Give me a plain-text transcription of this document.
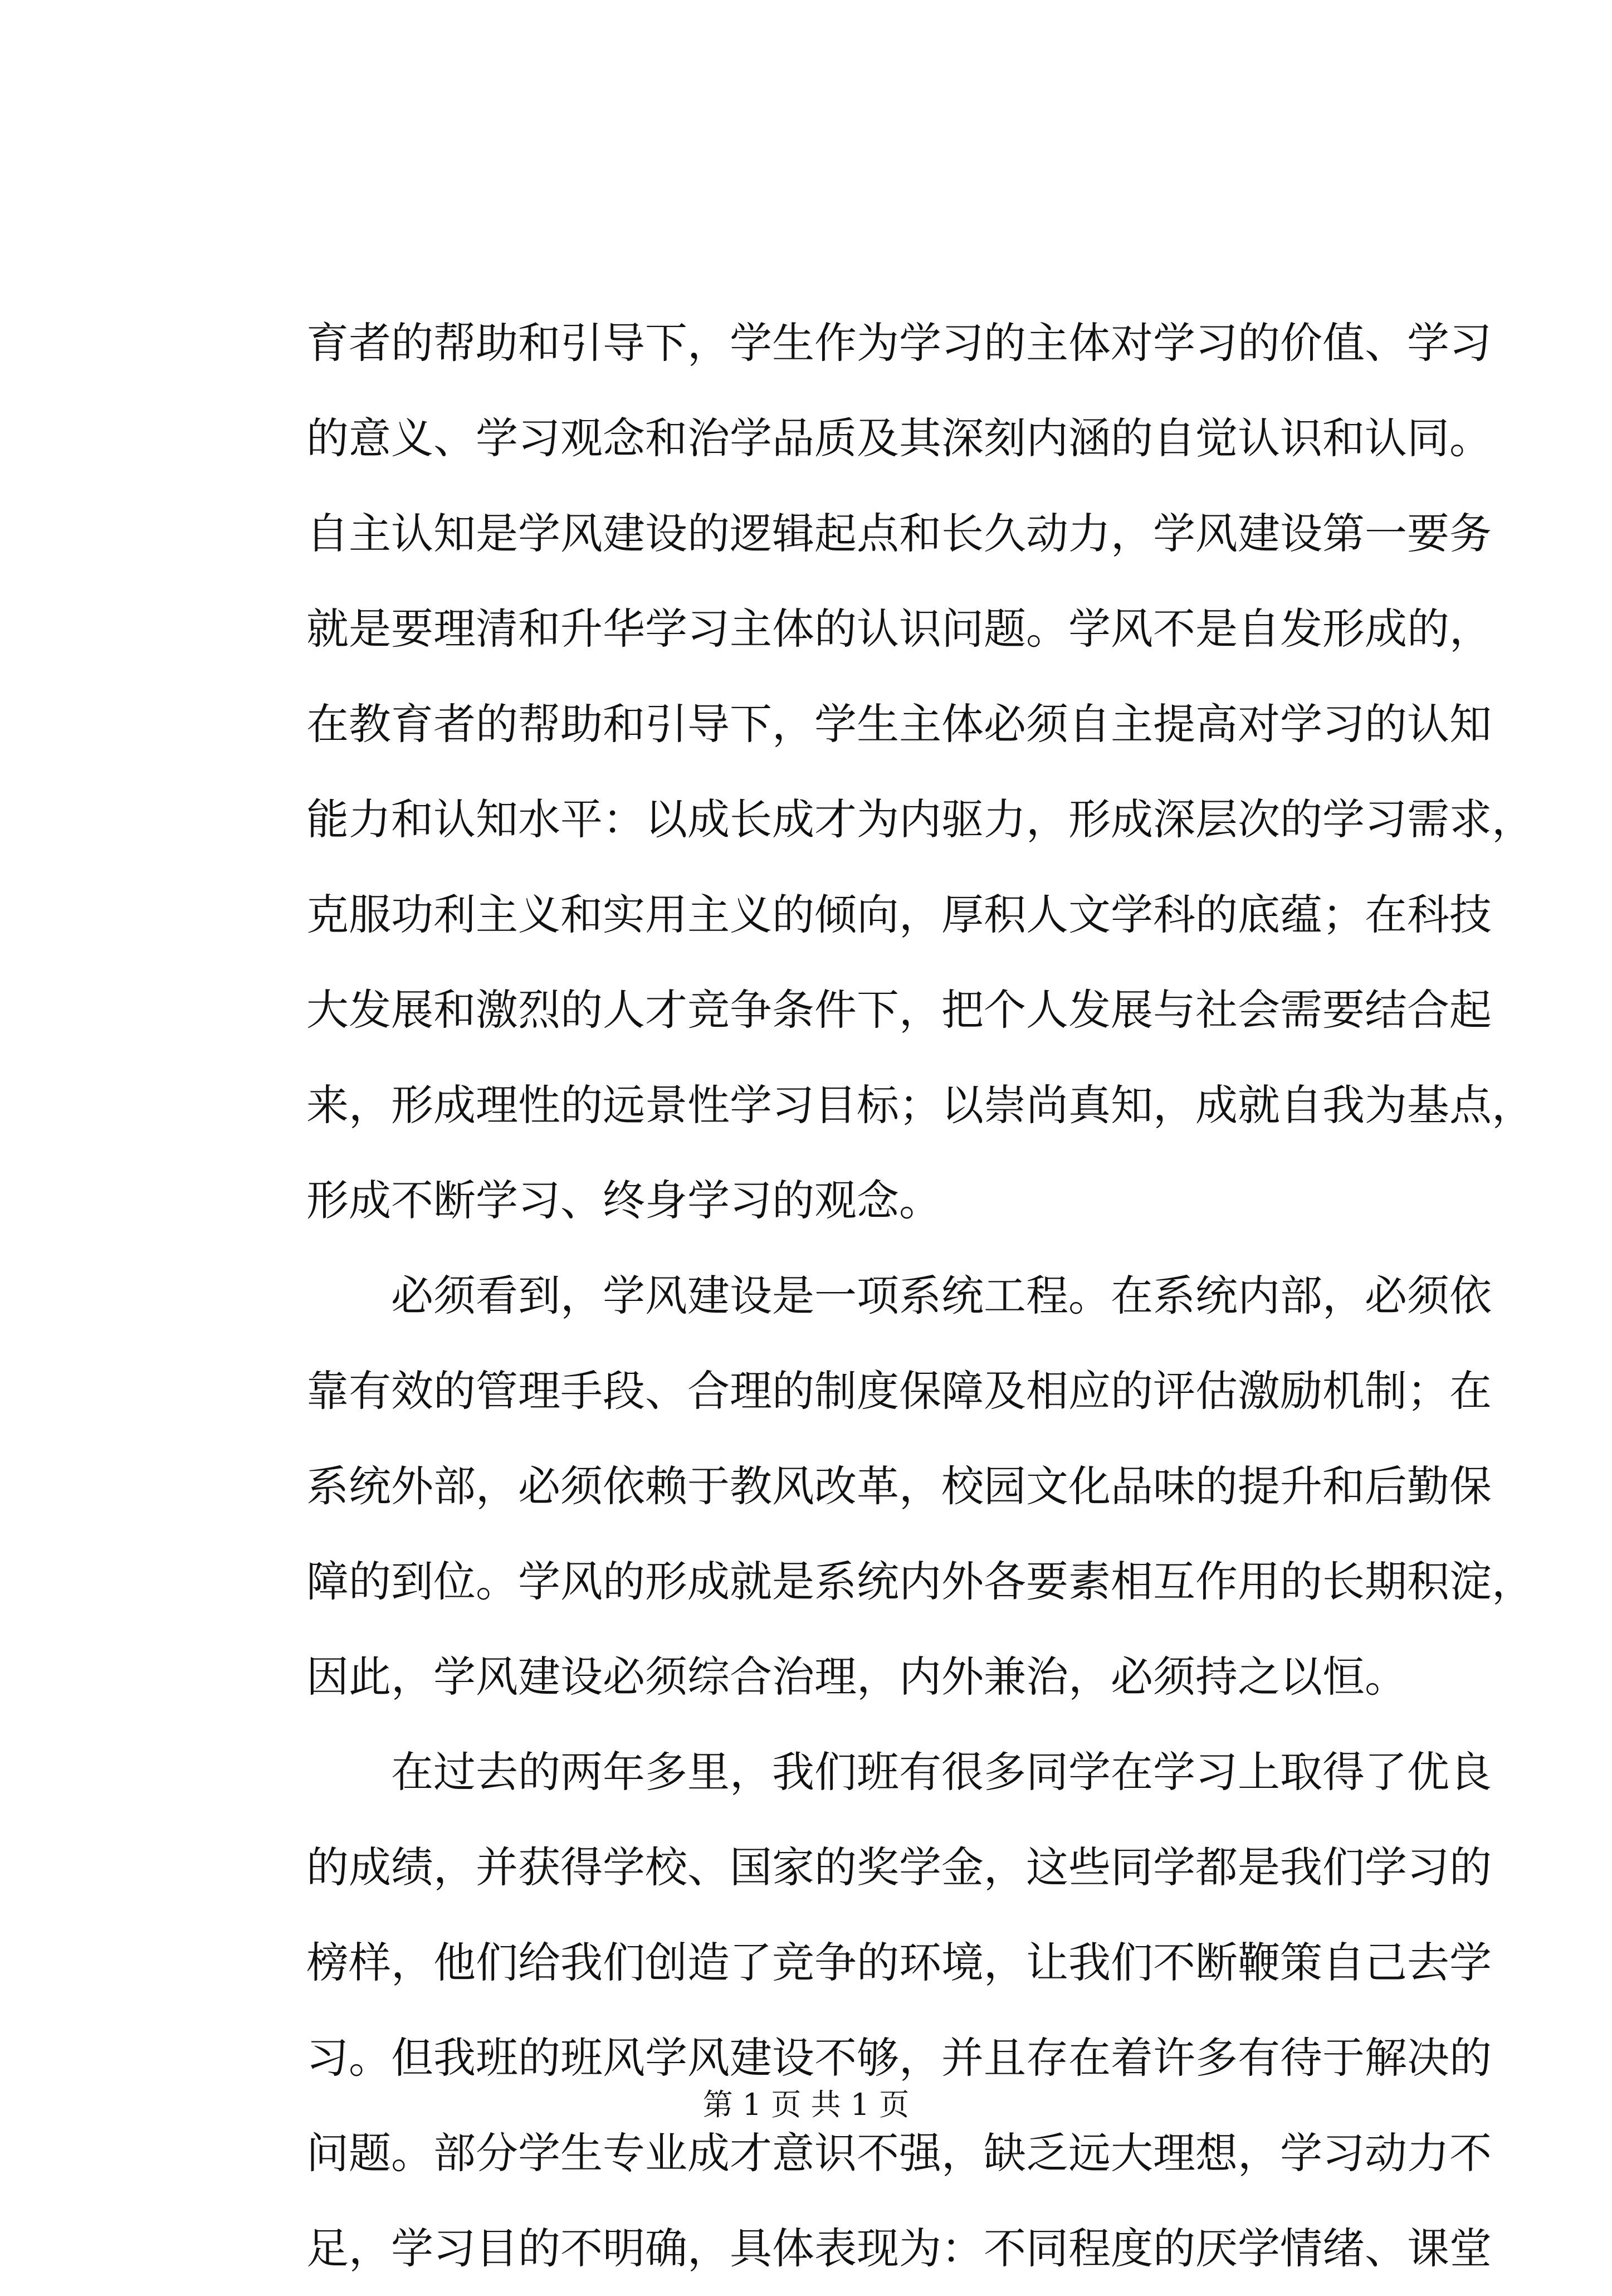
育者的帮助和引导下，学生作为学习的主体对学习的价值、学习
的意义、学习观念和治学品质及其深刻内涵的自觉认识和认同。
自主认知是学风建设的逻辑起点和长久动力，学风建设第一要务
就是要理清和升华学习主体的认识问题。学风不是自发形成的，
在教育者的帮助和引导下，学生主体必须自主提高对学习的认知
能力和认知水平：以成长成才为内驱力，形成深层次的学习需求，
克服功利主义和实用主义的倾向，厚积人文学科的底蕴；在科技
大发展和激烈的人才竞争条件下，把个人发展与社会需要结合起
来，形成理性的远景性学习目标；以崇尚真知，成就自我为基点，
形成不断学习、终身学习的观念。
　　必须看到，学风建设是一项系统工程。在系统内部，必须依
靠有效的管理手段、合理的制度保障及相应的评估激励机制；在
系统外部，必须依赖于教风改革，校园文化品味的提升和后勤保
障的到位。学风的形成就是系统内外各要素相互作用的长期积淀，
因此，学风建设必须综合治理，内外兼治，必须持之以恒。
　　在过去的两年多里，我们班有很多同学在学习上取得了优良
的成绩，并获得学校、国家的奖学金，这些同学都是我们学习的
榜样，他们给我们创造了竞争的环境，让我们不断鞭策自己去学
习。但我班的班风学风建设不够，并且存在着许多有待于解决的
问题。部分学生专业成才意识不强，缺乏远大理想，学习动力不
足，学习目的不明确，具体表现为：不同程度的厌学情绪、课堂
第 1 页 共 1 页
